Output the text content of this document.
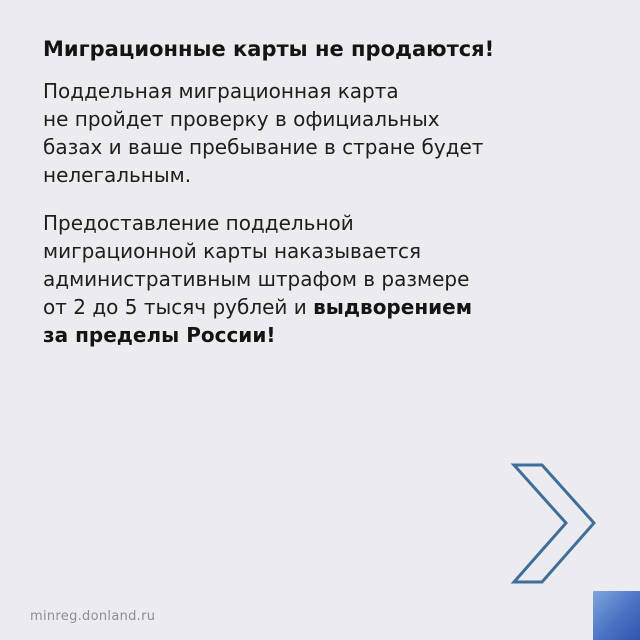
Миграционные карты не продаются!

Поддельная миграционная карта
не пройдет проверку в официальных
базах и ваше пребывание в стране будет
нелегальным.

Предоставление поддельной
миграционной карты наказывается
административным штрафом в размере
от 2 до 5 тысяч рублей и выдворением
за пределы России!

minreg.donland.ru
